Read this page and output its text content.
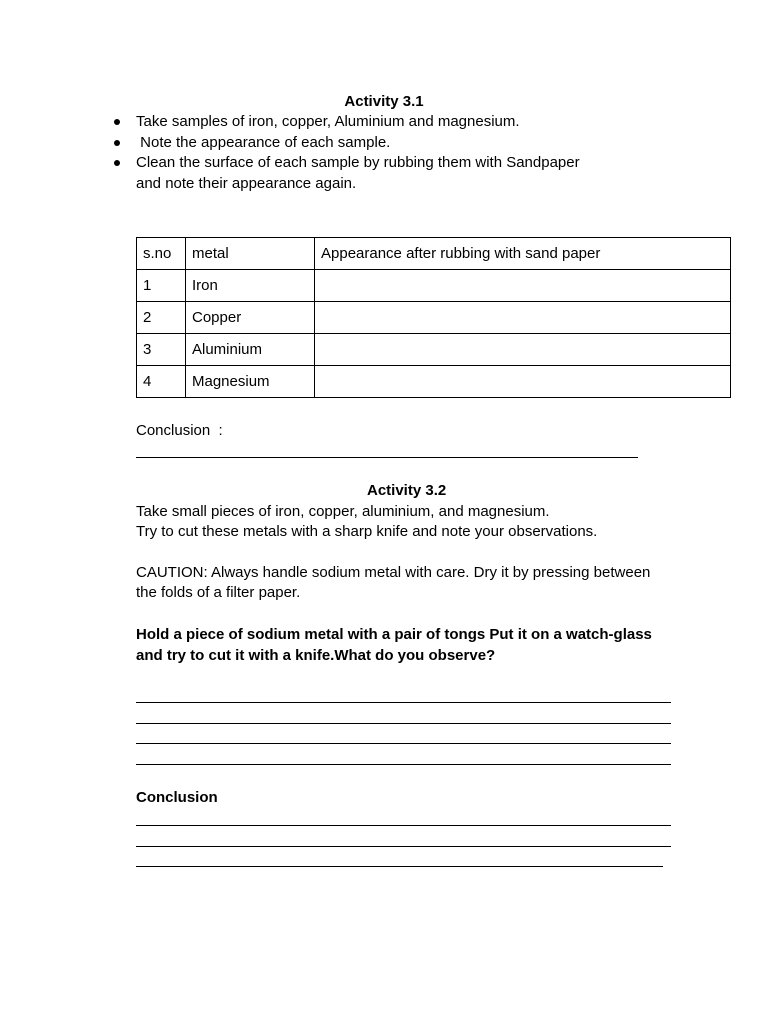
Activity 3.1
Take samples of iron, copper, Aluminium and magnesium.
Note the appearance of each sample.
Clean the surface of each sample by rubbing them with Sandpaper
and note their appearance again.
s.no	metal	Appearance after rubbing with sand paper
1	Iron	
2	Copper	
3	Aluminium	
4	Magnesium	
Conclusion  :
Activity 3.2
Take small pieces of iron, copper, aluminium, and magnesium.
Try to cut these metals with a sharp knife and note your observations.
CAUTION: Always handle sodium metal with care. Dry it by pressing between
the folds of a filter paper.
Hold a piece of sodium metal with a pair of tongs Put it on a watch-glass
and try to cut it with a knife.What do you observe?
Conclusion
